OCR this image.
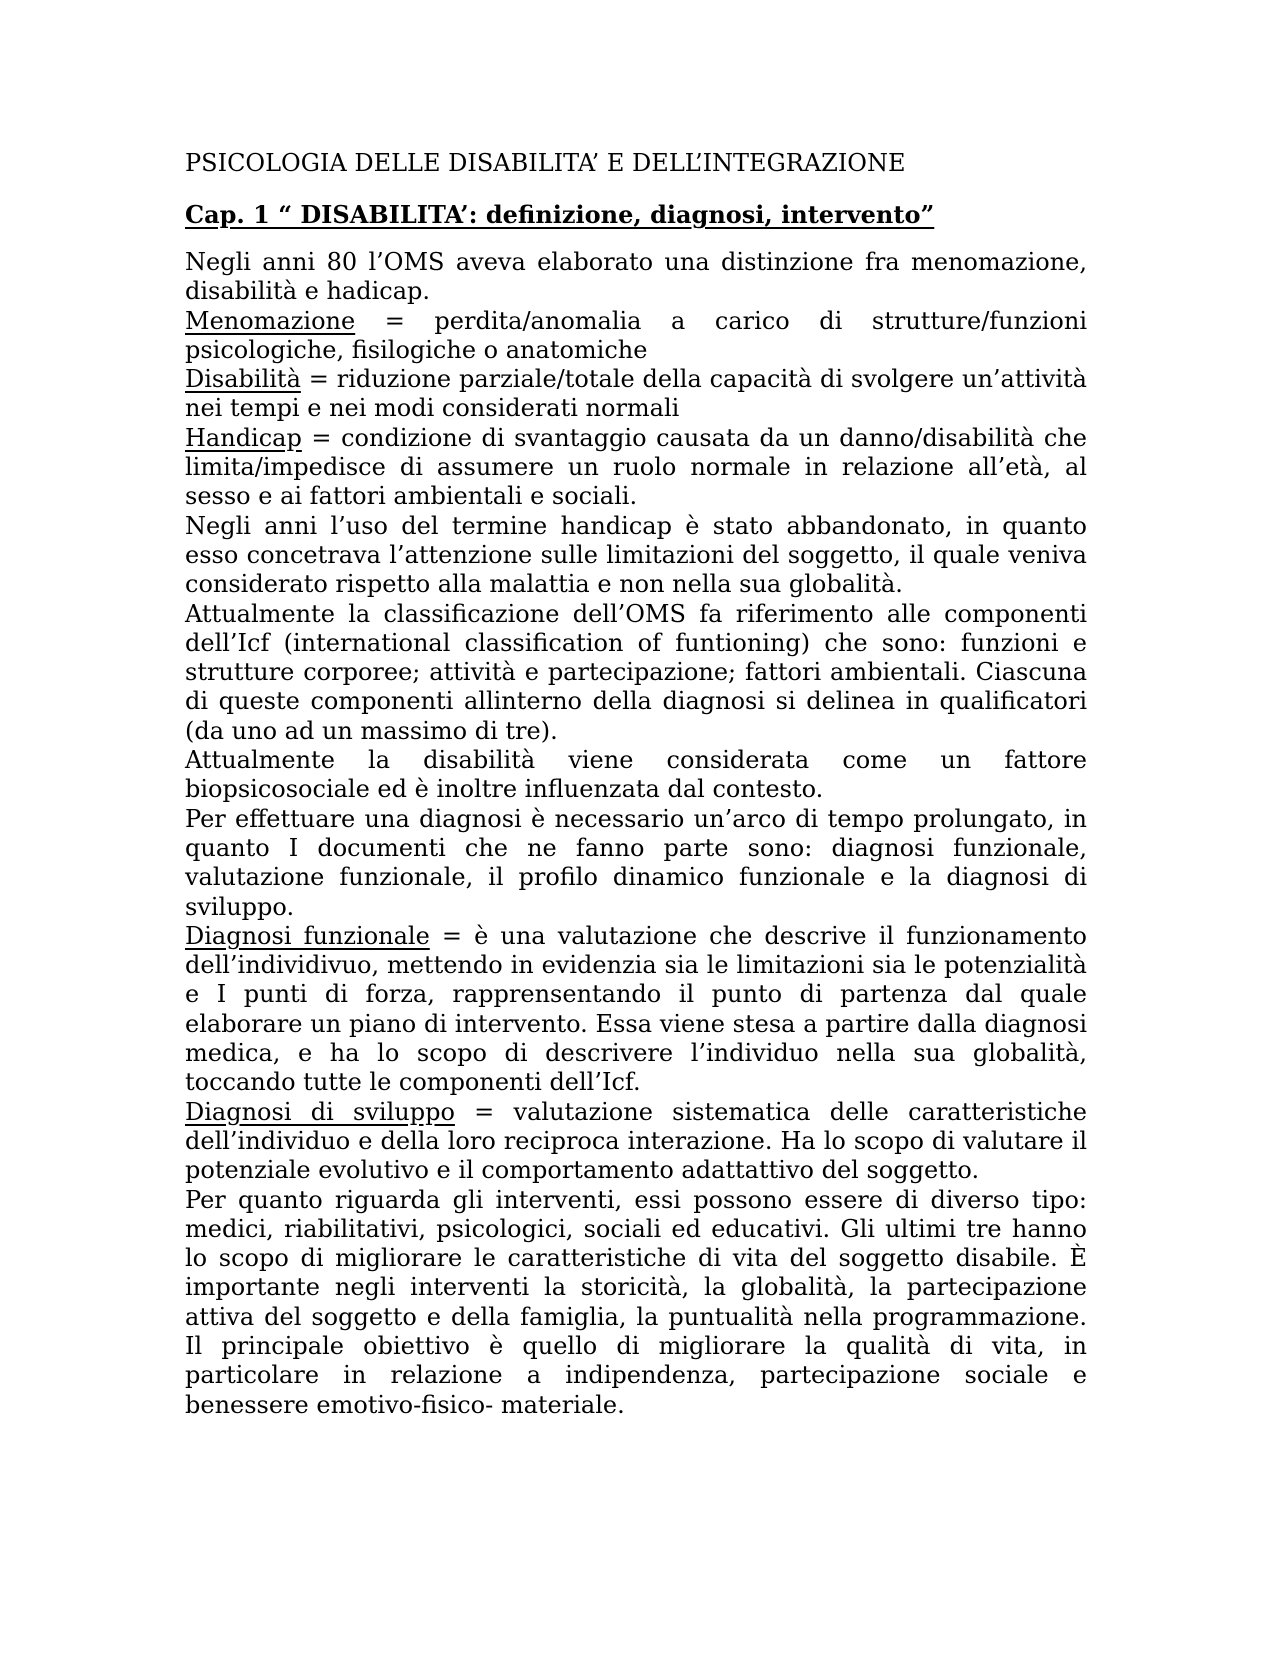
PSICOLOGIA DELLE DISABILITA’ E DELL’INTEGRAZIONE
Cap. 1 “ DISABILITA’: definizione, diagnosi, intervento”

Negli anni 80 l’OMS aveva elaborato una distinzione fra menomazione, disabilità e hadicap.

Menomazione = perdita/anomalia a carico di strutture/funzioni psicologiche, fisilogiche o anatomiche

Disabilità = riduzione parziale/totale della capacità di svolgere un’attività nei tempi e nei modi considerati normali

Handicap = condizione di svantaggio causata da un danno/disabilità che limita/impedisce di assumere un ruolo normale in relazione all’età, al sesso e ai fattori ambientali e sociali.

Negli anni l’uso del termine handicap è stato abbandonato, in quanto esso concetrava l’attenzione sulle limitazioni del soggetto, il quale veniva considerato rispetto alla malattia e non nella sua globalità.

Attualmente la classificazione dell’OMS fa riferimento alle componenti dell’Icf (international classification of funtioning) che sono: funzioni e strutture corporee; attività e partecipazione; fattori ambientali. Ciascuna di queste componenti allinterno della diagnosi si delinea in qualificatori (da uno ad un massimo di tre).

Attualmente la disabilità viene considerata come un fattore biopsicosociale ed è inoltre influenzata dal contesto.

Per effettuare una diagnosi è necessario un’arco di tempo prolungato, in quanto I documenti che ne fanno parte sono: diagnosi funzionale, valutazione funzionale, il profilo dinamico funzionale e la diagnosi di sviluppo.

Diagnosi funzionale = è una valutazione che descrive il funzionamento dell’individivuo, mettendo in evidenzia sia le limitazioni sia le potenzialità e I punti di forza, rapprensentando il punto di partenza dal quale elaborare un piano di intervento. Essa viene stesa a partire dalla diagnosi medica, e ha lo scopo di descrivere l’individuo nella sua globalità, toccando tutte le componenti dell’Icf.

Diagnosi di sviluppo = valutazione sistematica delle caratteristiche dell’individuo e della loro reciproca interazione. Ha lo scopo di valutare il potenziale evolutivo e il comportamento adattattivo del soggetto.

Per quanto riguarda gli interventi, essi possono essere di diverso tipo: medici, riabilitativi, psicologici, sociali ed educativi. Gli ultimi tre hanno lo scopo di migliorare le caratteristiche di vita del soggetto disabile. È importante negli interventi la storicità, la globalità, la partecipazione attiva del soggetto e della famiglia, la puntualità nella programmazione. Il principale obiettivo è quello di migliorare la qualità di vita, in particolare in relazione a indipendenza, partecipazione sociale e benessere emotivo-fisico- materiale.
